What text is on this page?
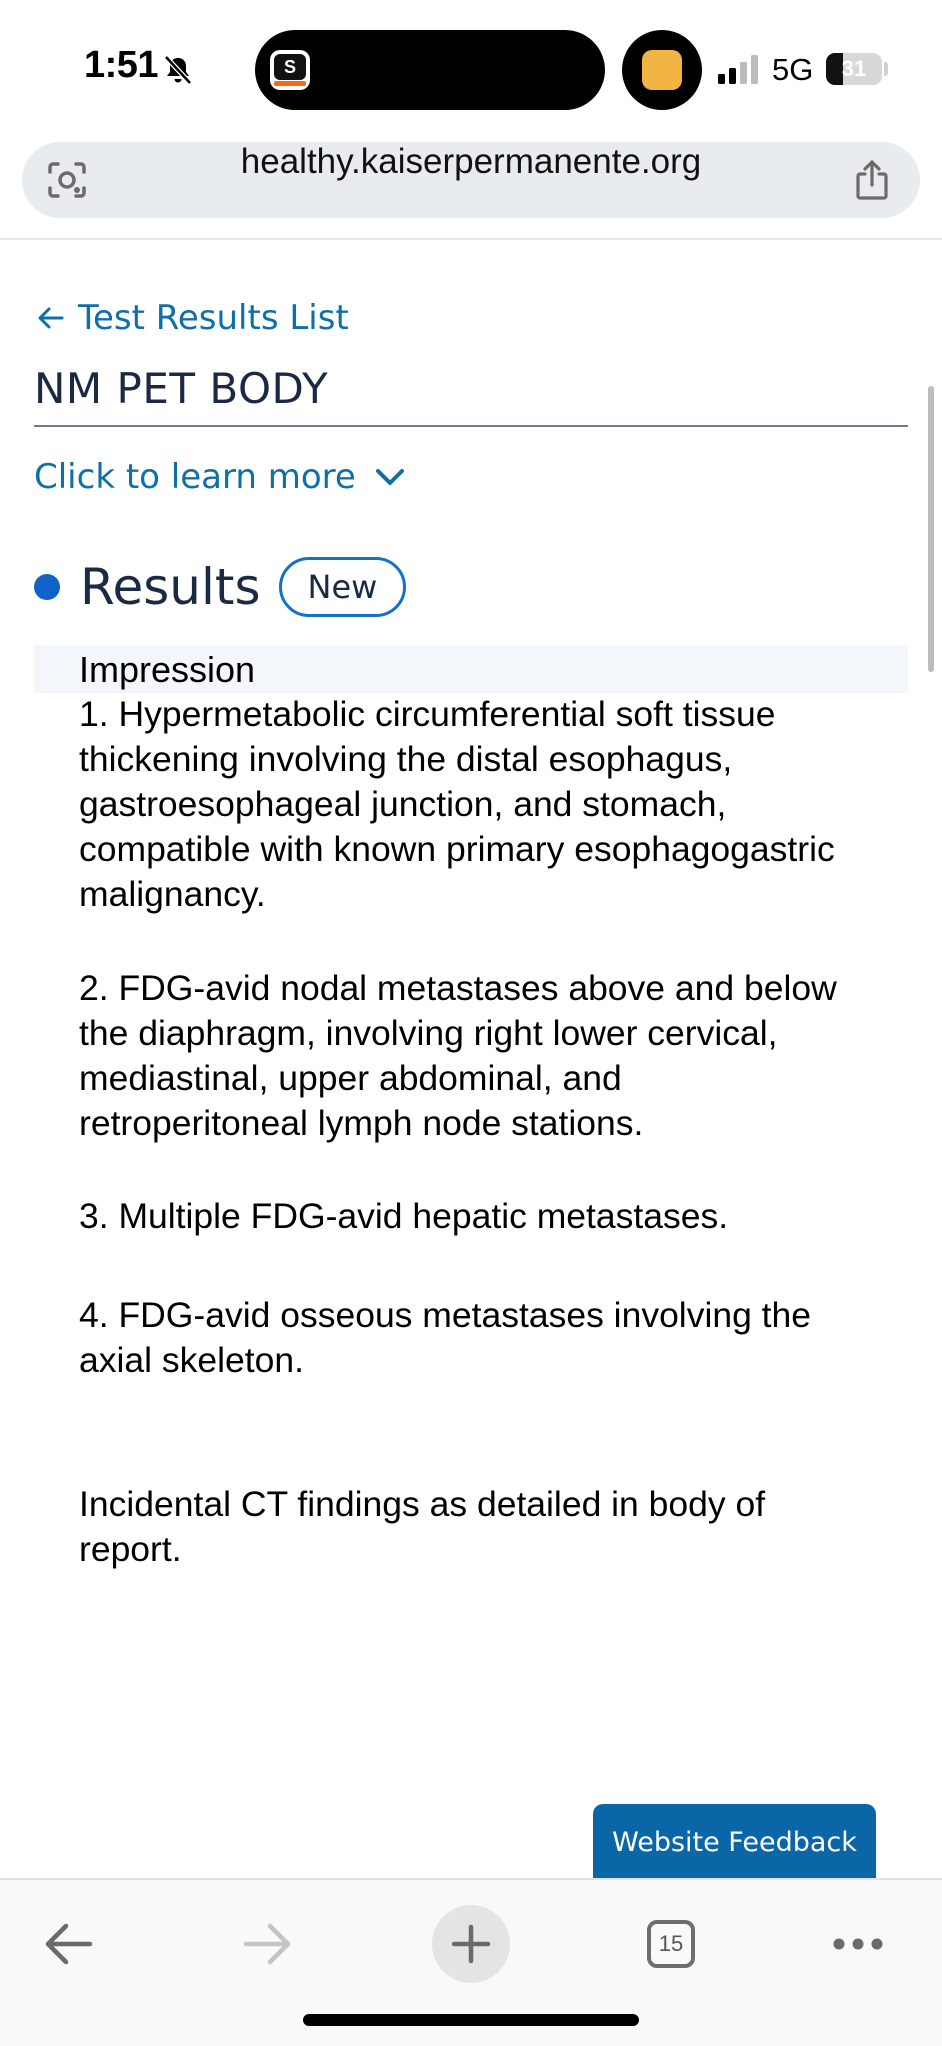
1:51	S	5G	31
healthy.kaiserpermanente.org
Test Results List
NM PET BODY
Click to learn more
Results	New
Impression
1. Hypermetabolic circumferential soft tissue
thickening involving the distal esophagus,
gastroesophageal junction, and stomach,
compatible with known primary esophagogastric
malignancy.
2. FDG-avid nodal metastases above and below
the diaphragm, involving right lower cervical,
mediastinal, upper abdominal, and
retroperitoneal lymph node stations.
3. Multiple FDG-avid hepatic metastases.
4. FDG-avid osseous metastases involving the
axial skeleton.
Incidental CT findings as detailed in body of
report.
Website Feedback
15
